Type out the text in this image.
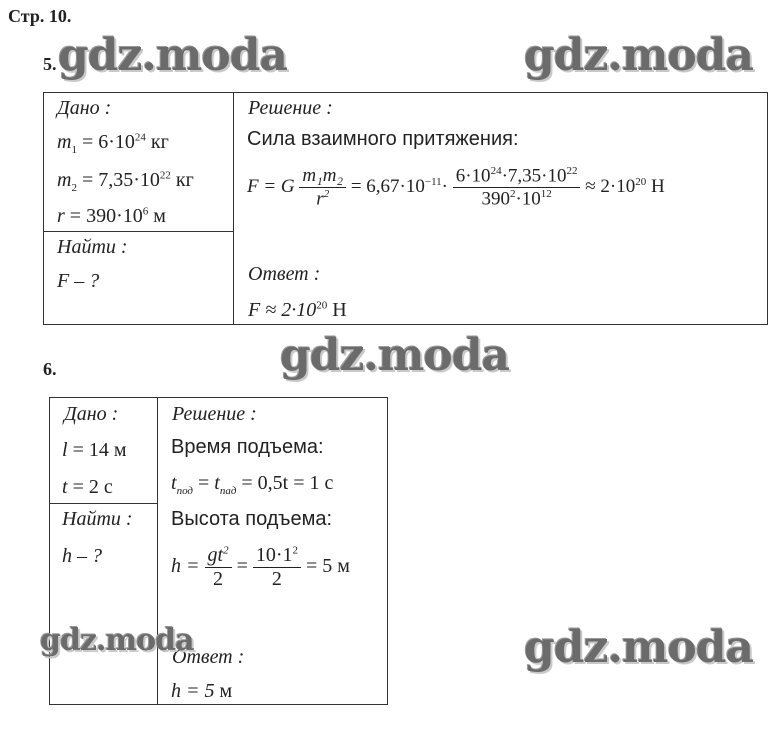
Стр. 10.
5. gdz.moda	gdz.moda
Дано :
$m_1 = 6\cdot 10^{24}$ кг
$m_2 = 7,35\cdot 10^{22}$ кг
$r = 390\cdot 10^6$ м
Найти :
F – ?
Решение :
Сила взаимного притяжения:
F = G $\frac{\text{m₁m₂}}{r^2} = 6,67\cdot 10^{-11}\cdot \frac{6\cdot 10^{24}\cdot 7,35\cdot 10^{22}}{390^2\cdot 10^{12}} \approx 2\cdot 10^{20}$ Н
Ответ :
$F \approx 2\cdot 10^{20}$ Н
6.	gdz.moda
Дано :
l = 14 м
t = 2 с
Найти :
h – ?
Решение :
Время подъема:
$t_{под} = t_{пад} = 0,5t = 1$ с
Высота подъема:
$h = \frac{gt^2}{2} = \frac{10\cdot 1^2}{2} = 5$ м
Ответ :
h = 5 м
gdz.moda	gdz.moda
